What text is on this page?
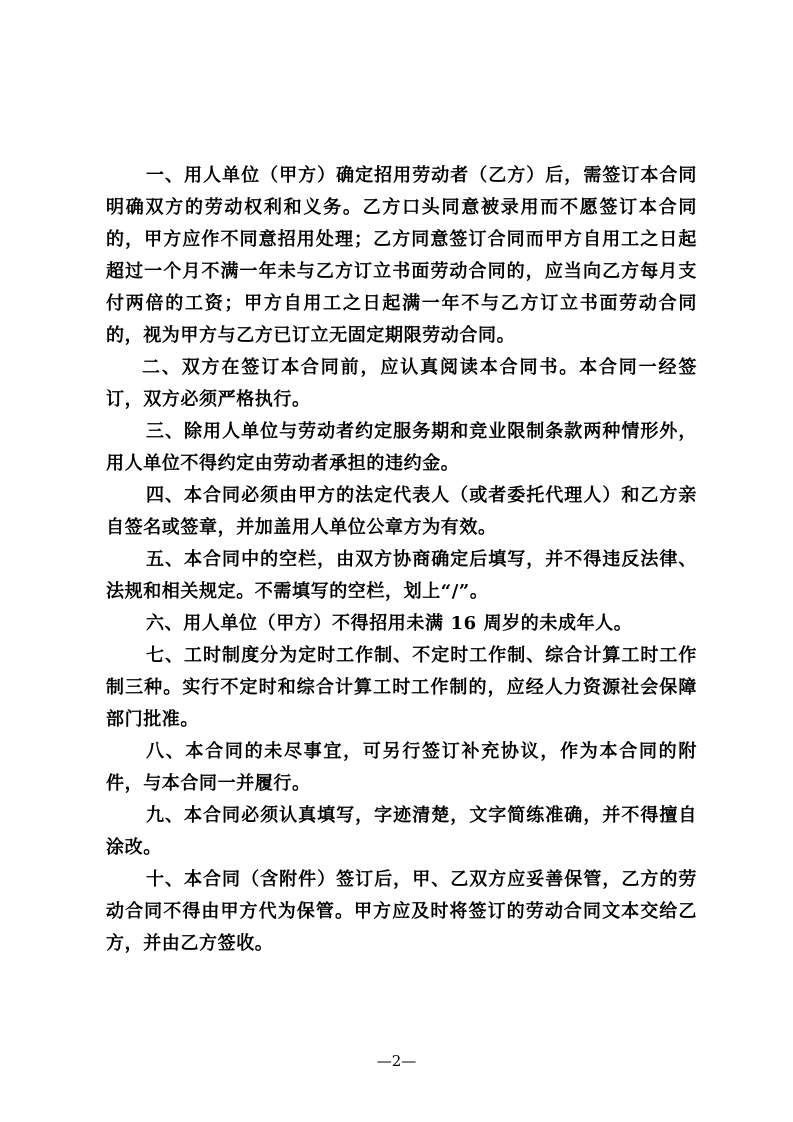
一、用人单位（甲方）确定招用劳动者（乙方）后，需签订本合同明确双方的劳动权利和义务。乙方口头同意被录用而不愿签订本合同的，甲方应作不同意招用处理；乙方同意签订合同而甲方自用工之日起超过一个月不满一年未与乙方订立书面劳动合同的，应当向乙方每月支付两倍的工资；甲方自用工之日起满一年不与乙方订立书面劳动合同的，视为甲方与乙方已订立无固定期限劳动合同。

二、双方在签订本合同前，应认真阅读本合同书。本合同一经签订，双方必须严格执行。

三、除用人单位与劳动者约定服务期和竞业限制条款两种情形外，用人单位不得约定由劳动者承担的违约金。

四、本合同必须由甲方的法定代表人（或者委托代理人）和乙方亲自签名或签章，并加盖用人单位公章方为有效。

五、本合同中的空栏，由双方协商确定后填写，并不得违反法律、法规和相关规定。不需填写的空栏，划上“/”。

六、用人单位（甲方）不得招用未满 16 周岁的未成年人。

七、工时制度分为定时工作制、不定时工作制、综合计算工时工作制三种。实行不定时和综合计算工时工作制的，应经人力资源社会保障部门批准。

八、本合同的未尽事宜，可另行签订补充协议，作为本合同的附件，与本合同一并履行。

九、本合同必须认真填写，字迹清楚，文字简练准确，并不得擅自涂改。

十、本合同（含附件）签订后，甲、乙双方应妥善保管，乙方的劳动合同不得由甲方代为保管。甲方应及时将签订的劳动合同文本交给乙方，并由乙方签收。

—2—
